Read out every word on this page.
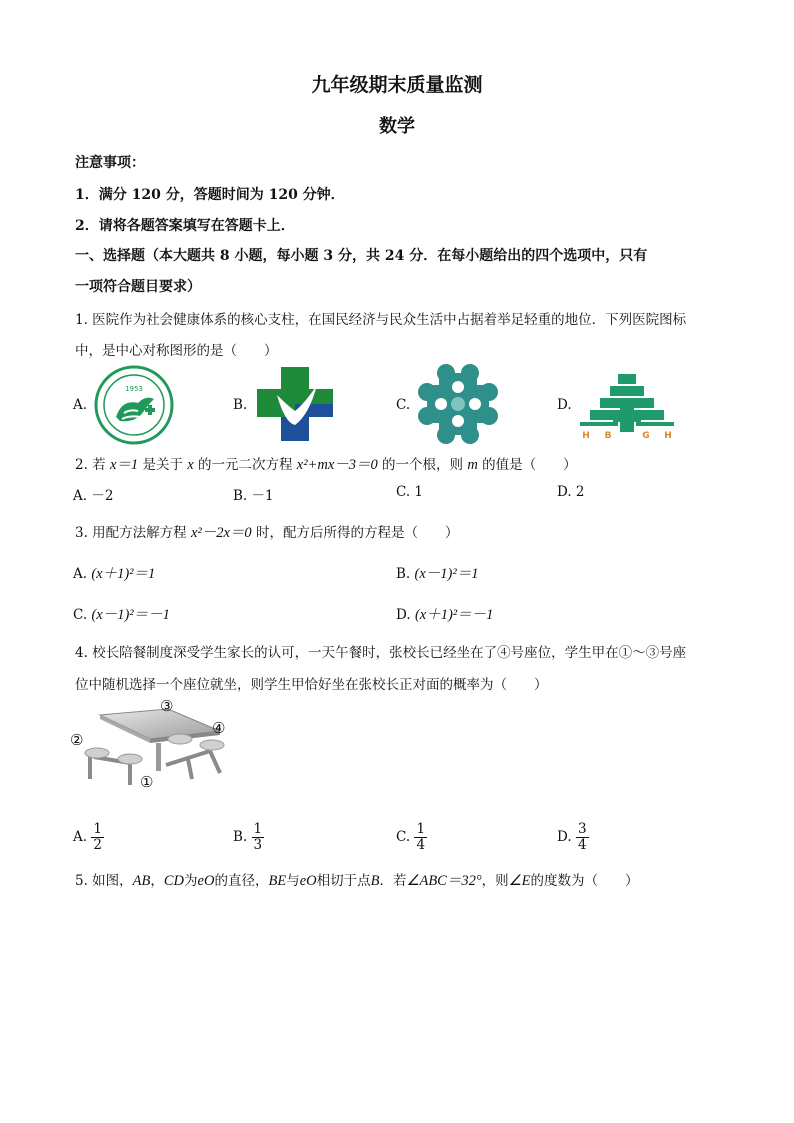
九年级期末质量监测
数学
注意事项：
1．满分 120 分，答题时间为 120 分钟．
2．请将各题答案填写在答题卡上．
一、选择题（本大题共 8 小题，每小题 3 分，共 24 分．在每小题给出的四个选项中，只有
一项符合题目要求）
1. 医院作为社会健康体系的核心支柱，在国民经济与民众生活中占据着举足轻重的地位．下列医院图标
中，是中心对称图形的是（　　）
A.
1953
B.	C.	D.
H B	G H
2. 若 x＝1 是关于 x 的一元二次方程 x²+mx－3＝0 的一个根，则 m 的值是（　　）
A. －2	B. －1	C. 1	D. 2
3. 用配方法解方程 x²－2x＝0 时，配方后所得的方程是（　　）
A. (x＋1)²＝1	B. (x－1)²＝1
C. (x－1)²＝－1	D. (x＋1)²＝－1
4. 校长陪餐制度深受学生家长的认可，一天午餐时，张校长已经坐在了④号座位，学生甲在①～③号座
位中随机选择一个座位就坐，则学生甲恰好坐在张校长正对面的概率为（　　）
①
②
③
④
A. $\frac{1}{2}$	B. $\frac{1}{3}$	C. $\frac{1}{4}$	D. $\frac{3}{4}$
5. 如图，AB，CD为eO的直径，BE与eO相切于点B．若∠ABC＝32°，则∠E的度数为（　　）
